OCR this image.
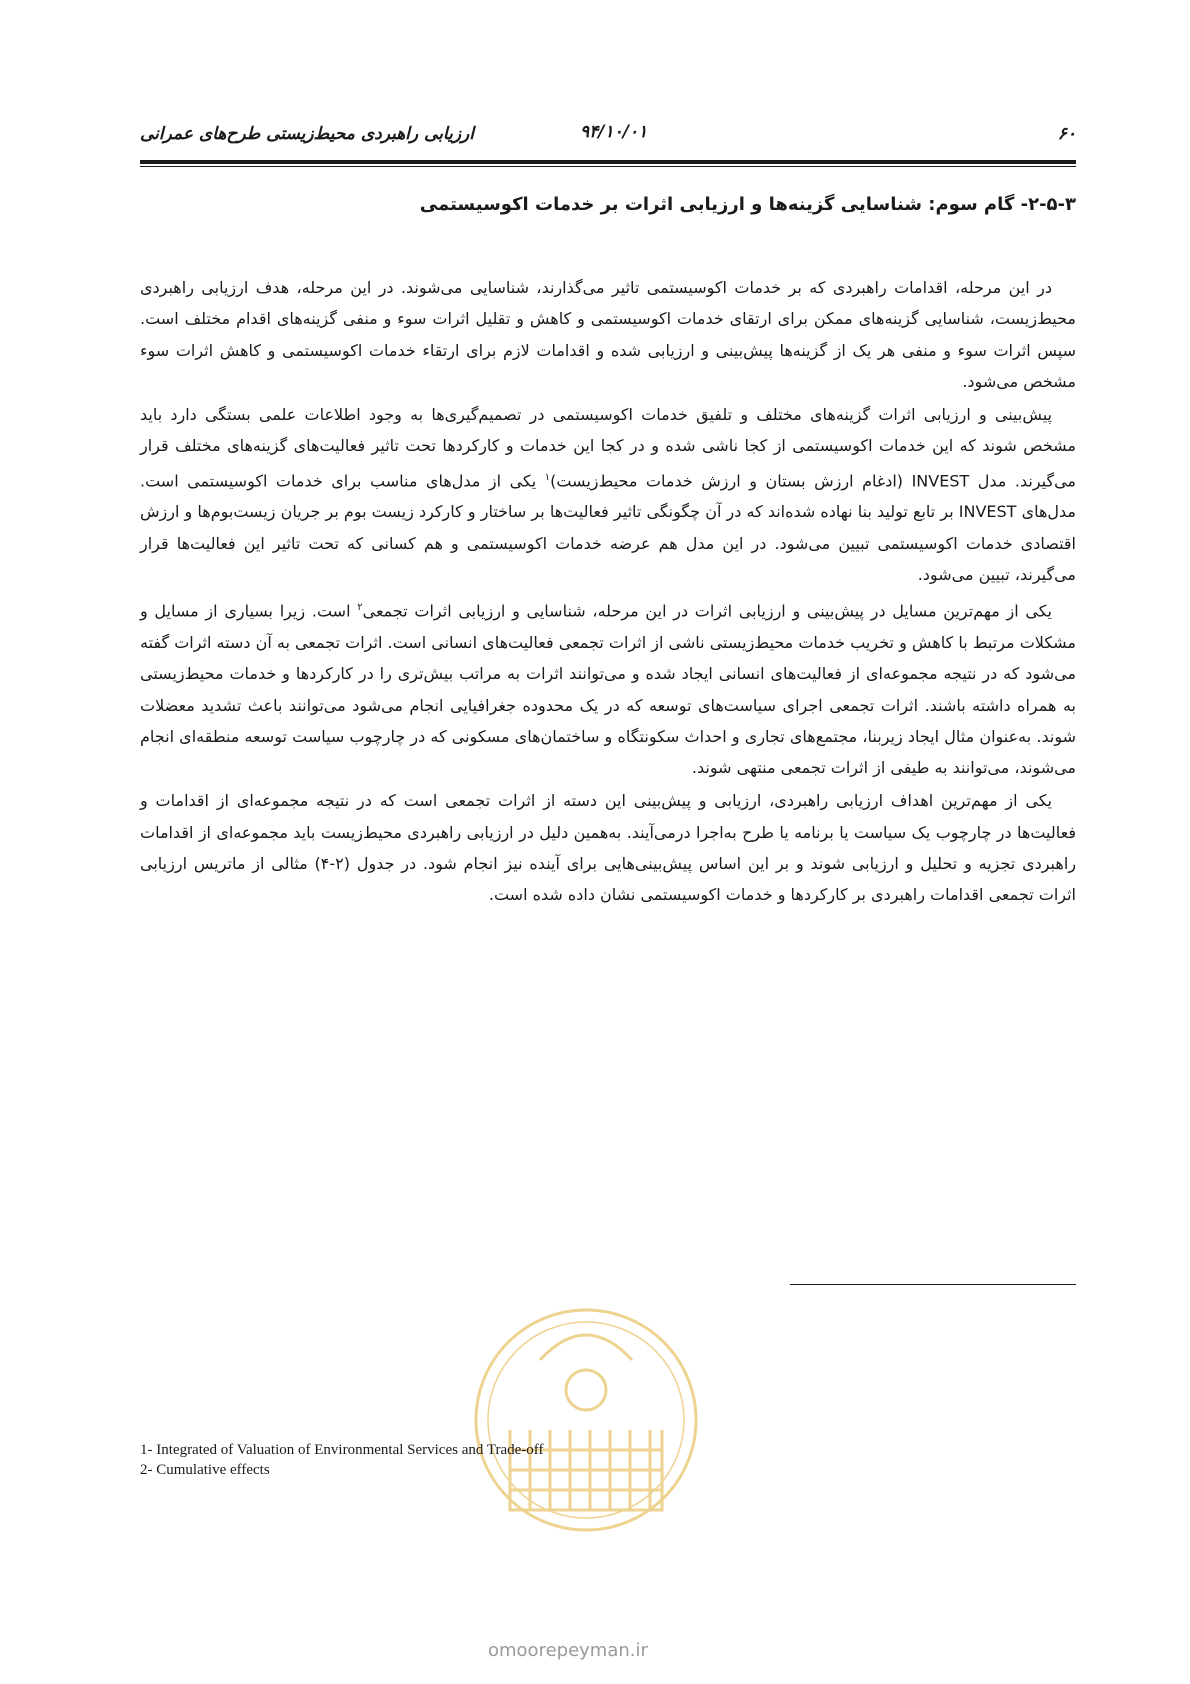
۶۰
۹۴/۱۰/۰۱
ارزیابی راهبردی محیط‌زیستی طرح‌های عمرانی
۲-۵-۳- گام سوم: شناسایی گزینه‌ها و ارزیابی اثرات بر خدمات اکوسیستمی

در این مرحله، اقدامات راهبردی که بر خدمات اکوسیستمی تاثیر می‌گذارند، شناسایی می‌شوند. در این مرحله، هدف ارزیابی راهبردی محیط‌زیست، شناسایی گزینه‌های ممکن برای ارتقای خدمات اکوسیستمی و کاهش و تقلیل اثرات سوء و منفی گزینه‌های اقدام مختلف است. سپس اثرات سوء و منفی هر یک از گزینه‌ها پیش‌بینی و ارزیابی شده و اقدامات لازم برای ارتقاء خدمات اکوسیستمی و کاهش اثرات سوء مشخص می‌شود.

پیش‌بینی و ارزیابی اثرات گزینه‌های مختلف و تلفیق خدمات اکوسیستمی در تصمیم‌گیری‌ها به وجود اطلاعات علمی بستگی دارد باید مشخص شوند که این خدمات اکوسیستمی از کجا ناشی شده و در کجا این خدمات و کارکردها تحت تاثیر فعالیت‌های گزینه‌های مختلف قرار می‌گیرند. مدل INVEST (ادغام ارزش بستان و ارزش خدمات محیط‌زیست)$^۱$ یکی از مدل‌های مناسب برای خدمات اکوسیستمی است. مدل‌های INVEST بر تابع تولید بنا نهاده شده‌اند که در آن چگونگی تاثیر فعالیت‌ها بر ساختار و کارکرد زیست بوم بر جریان زیست‌بوم‌ها و ارزش اقتصادی خدمات اکوسیستمی تبیین می‌شود. در این مدل هم عرضه خدمات اکوسیستمی و هم کسانی که تحت تاثیر این فعالیت‌ها قرار می‌گیرند، تبیین می‌شود.

یکی از مهم‌ترین مسایل در پیش‌بینی و ارزیابی اثرات در این مرحله، شناسایی و ارزیابی اثرات تجمعی$^۲$ است. زیرا بسیاری از مسایل و مشکلات مرتبط با کاهش و تخریب خدمات محیط‌زیستی ناشی از اثرات تجمعی فعالیت‌های انسانی است. اثرات تجمعی به آن دسته اثرات گفته می‌شود که در نتیجه مجموعه‌ای از فعالیت‌های انسانی ایجاد شده و می‌توانند اثرات به مراتب بیش‌تری را در کارکردها و خدمات محیط‌زیستی به همراه داشته باشند. اثرات تجمعی اجرای سیاست‌های توسعه که در یک محدوده جغرافیایی انجام می‌شود می‌توانند باعث تشدید معضلات شوند. به‌عنوان مثال ایجاد زیربنا، مجتمع‌های تجاری و احداث سکونتگاه و ساختمان‌های مسکونی که در چارچوب سیاست توسعه منطقه‌ای انجام می‌شوند، می‌توانند به طیفی از اثرات تجمعی منتهی شوند.

یکی از مهم‌ترین اهداف ارزیابی راهبردی، ارزیابی و پیش‌بینی این دسته از اثرات تجمعی است که در نتیجه مجموعه‌ای از اقدامات و فعالیت‌ها در چارچوب یک سیاست یا برنامه یا طرح به‌اجرا درمی‌آیند. به‌همین دلیل در ارزیابی راهبردی محیط‌زیست باید مجموعه‌ای از اقدامات راهبردی تجزیه و تحلیل و ارزیابی شوند و بر این اساس پیش‌بینی‌هایی برای آینده نیز انجام شود. در جدول (۲-۴) مثالی از ماتریس ارزیابی اثرات تجمعی اقدامات راهبردی بر کارکردها و خدمات اکوسیستمی نشان داده شده است.

omoorepeyman.ir
1- Integrated of Valuation of Environmental Services and Trade-off
2- Cumulative effects
